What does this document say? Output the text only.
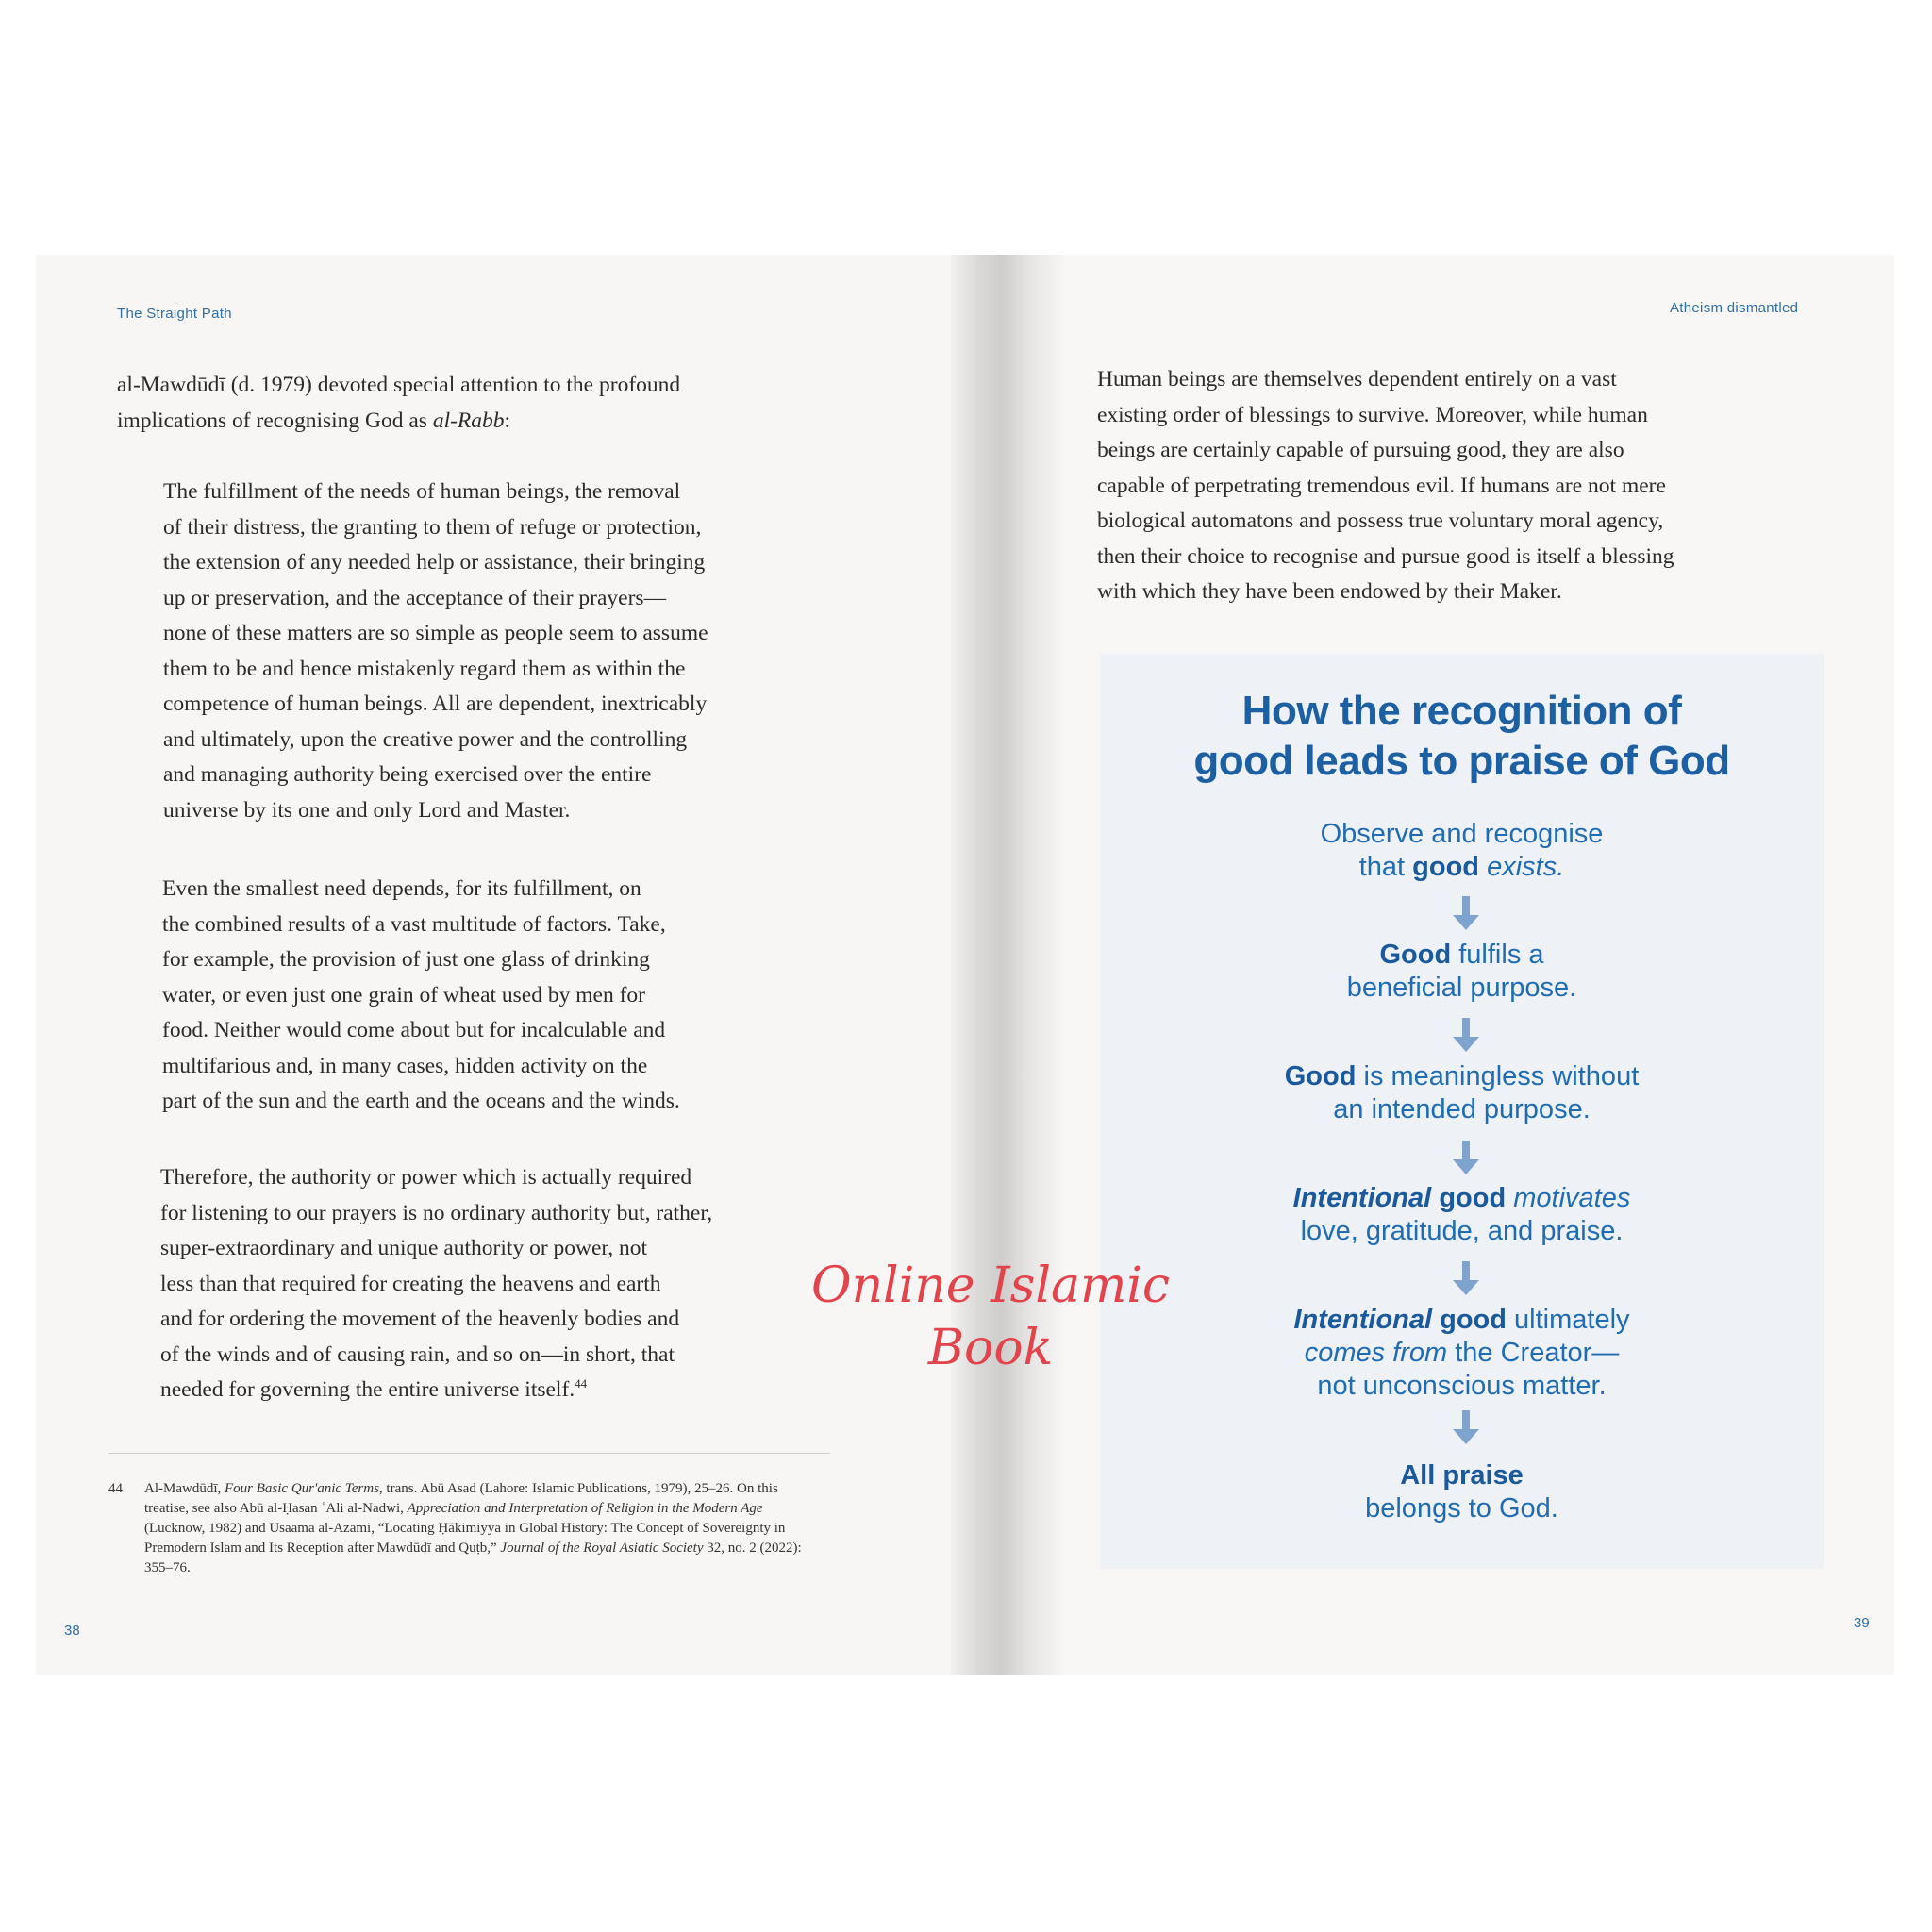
The Straight Path
al-Mawdūdī (d. 1979) devoted special attention to the profound
implications of recognising God as al-Rabb:
The fulfillment of the needs of human beings, the removal
of their distress, the granting to them of refuge or protection,
the extension of any needed help or assistance, their bringing
up or preservation, and the acceptance of their prayers—
none of these matters are so simple as people seem to assume
them to be and hence mistakenly regard them as within the
competence of human beings. All are dependent, inextricably
and ultimately, upon the creative power and the controlling
and managing authority being exercised over the entire
universe by its one and only Lord and Master.
Even the smallest need depends, for its fulfillment, on
the combined results of a vast multitude of factors. Take,
for example, the provision of just one glass of drinking
water, or even just one grain of wheat used by men for
food. Neither would come about but for incalculable and
multifarious and, in many cases, hidden activity on the
part of the sun and the earth and the oceans and the winds.
Therefore, the authority or power which is actually required
for listening to our prayers is no ordinary authority but, rather,
super-extraordinary and unique authority or power, not
less than that required for creating the heavens and earth
and for ordering the movement of the heavenly bodies and
of the winds and of causing rain, and so on—in short, that
needed for governing the entire universe itself.$^{44}$
44 Al-Mawdūdī, Four Basic Qur'anic Terms, trans. Abū Asad (Lahore: Islamic Publications, 1979), 25–26. On this treatise, see also Abū al-Ḥasan ʿAli al-Nadwi, Appreciation and Interpretation of Religion in the Modern Age (Lucknow, 1982) and Usaama al-Azami, “Locating Ḥākimiyya in Global History: The Concept of Sovereignty in Premodern Islam and Its Reception after Mawdūdī and Quṭb,” Journal of the Royal Asiatic Society 32, no. 2 (2022): 355–76.
38
Atheism dismantled
Human beings are themselves dependent entirely on a vast
existing order of blessings to survive. Moreover, while human
beings are certainly capable of pursuing good, they are also
capable of perpetrating tremendous evil. If humans are not mere
biological automatons and possess true voluntary moral agency,
then their choice to recognise and pursue good is itself a blessing
with which they have been endowed by their Maker.
How the recognition of
good leads to praise of God
Observe and recognise
that good exists.
Good fulfils a
beneficial purpose.
Good is meaningless without
an intended purpose.
Intentional good motivates
love, gratitude, and praise.
Intentional good ultimately
comes from the Creator—
not unconscious matter.
All praise
belongs to God.
39
Online Islamic
Book
